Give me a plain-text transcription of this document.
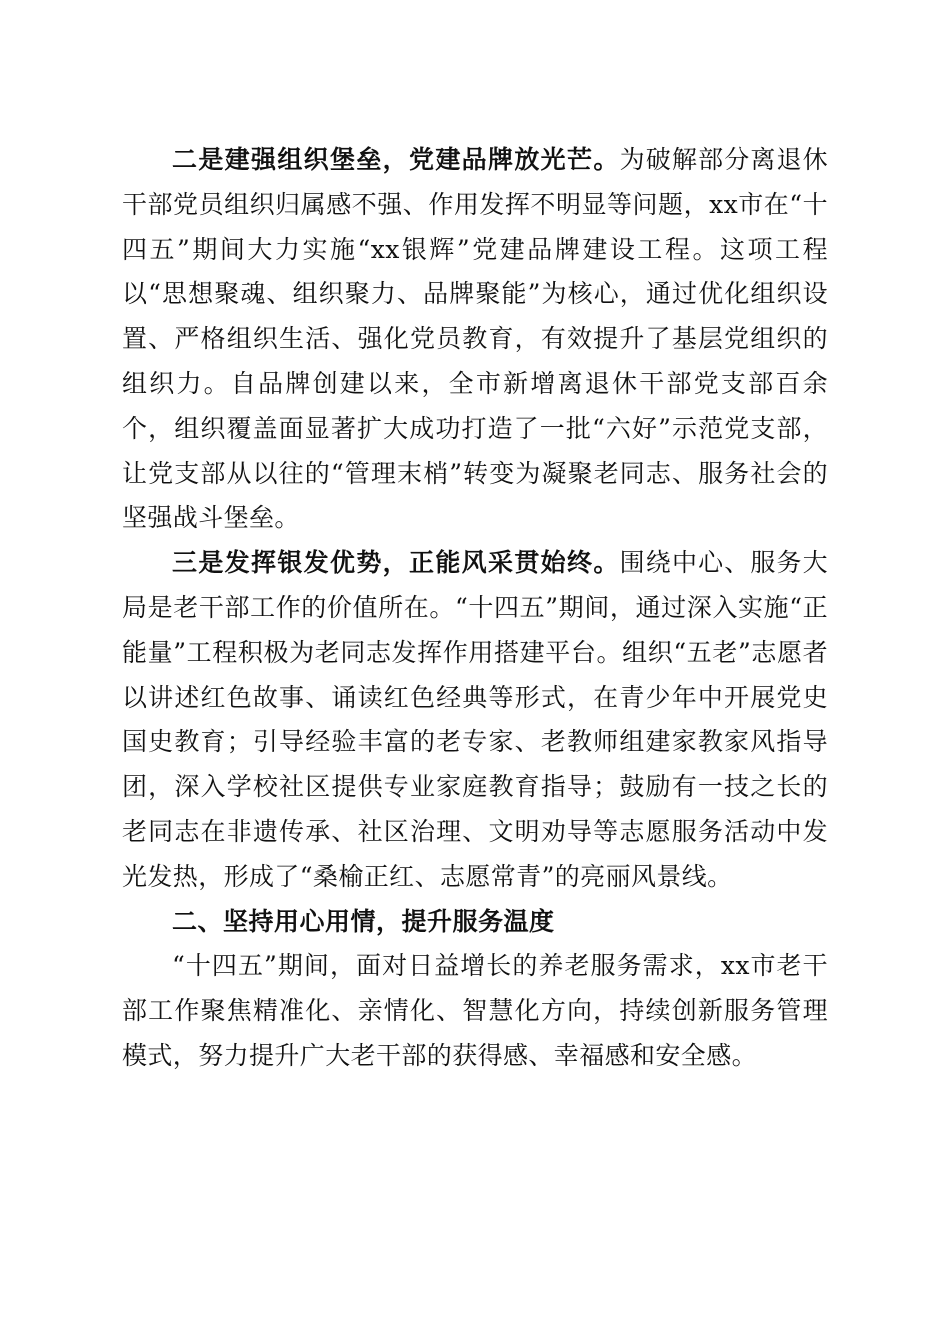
二是建强组织堡垒，党建品牌放光芒。为破解部分离退休干部党员组织归属感不强、作用发挥不明显等问题，xx市在“十四五”期间大力实施“xx银辉”党建品牌建设工程。这项工程以“思想聚魂、组织聚力、品牌聚能”为核心，通过优化组织设置、严格组织生活、强化党员教育，有效提升了基层党组织的组织力。自品牌创建以来，全市新增离退休干部党支部百余个，组织覆盖面显著扩大成功打造了一批“六好”示范党支部，让党支部从以往的“管理末梢”转变为凝聚老同志、服务社会的坚强战斗堡垒。

三是发挥银发优势，正能风采贯始终。围绕中心、服务大局是老干部工作的价值所在。“十四五”期间，通过深入实施“正能量”工程积极为老同志发挥作用搭建平台。组织“五老”志愿者以讲述红色故事、诵读红色经典等形式，在青少年中开展党史国史教育；引导经验丰富的老专家、老教师组建家教家风指导团，深入学校社区提供专业家庭教育指导；鼓励有一技之长的老同志在非遗传承、社区治理、文明劝导等志愿服务活动中发光发热，形成了“桑榆正红、志愿常青”的亮丽风景线。

二、坚持用心用情，提升服务温度

“十四五”期间，面对日益增长的养老服务需求，xx市老干部工作聚焦精准化、亲情化、智慧化方向，持续创新服务管理模式，努力提升广大老干部的获得感、幸福感和安全感。
